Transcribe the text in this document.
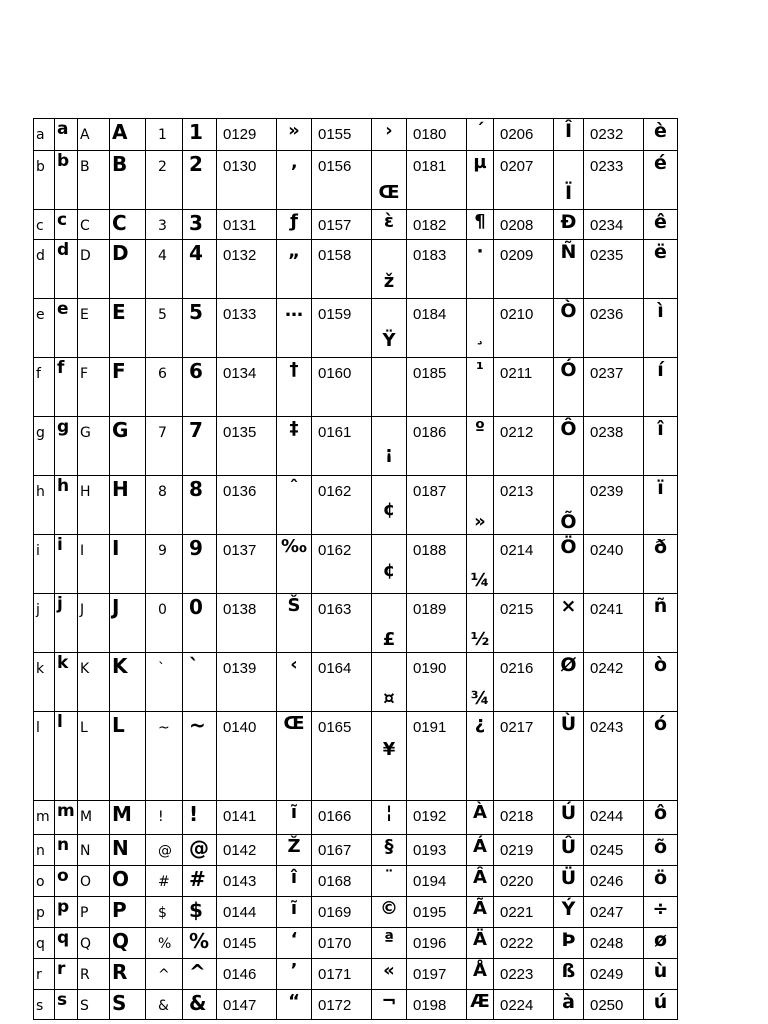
a	a	A	A	1	1	0129	»	0155	›	0180	´	0206	Î	0232	è
b	b	B	B	2	2	0130	‚	0156	Œ	0181	µ	0207	Ï	0233	é
c	c	C	C	3	3	0131	ƒ	0157	ὲ	0182	¶	0208	Ð	0234	ê
d	d	D	D	4	4	0132	„	0158	ž	0183	·	0209	Ñ	0235	ë
e	e	E	E	5	5	0133	…	0159	Ÿ	0184	¸	0210	Ò	0236	ì
f	f	F	F	6	6	0134	†	0160		0185	¹	0211	Ó	0237	í
g	g	G	G	7	7	0135	‡	0161	¡	0186	º	0212	Ô	0238	î
h	h	H	H	8	8	0136	ˆ	0162	¢	0187	»	0213	Õ	0239	ï
i	i	I	I	9	9	0137	‰	0162	¢	0188	¼	0214	Ö	0240	ð
j	j	J	J	0	0	0138	Š	0163	£	0189	½	0215	×	0241	ñ
k	k	K	K	`	`	0139	‹	0164	¤	0190	¾	0216	Ø	0242	ò
l	l	L	L	~	~	0140	Œ	0165	¥	0191	¿	0217	Ù	0243	ó
m	m	M	M	!	!	0141	ĩ	0166	¦	0192	À	0218	Ú	0244	ô
n	n	N	N	@	@	0142	Ž	0167	§	0193	Á	0219	Û	0245	õ
o	o	O	O	#	#	0143	î	0168	¨	0194	Â	0220	Ü	0246	ö
p	p	P	P	$	$	0144	ĩ	0169	©	0195	Ã	0221	Ý	0247	÷
q	q	Q	Q	%	%	0145	‘	0170	ª	0196	Ä	0222	Þ	0248	ø
r	r	R	R	^	^	0146	’	0171	«	0197	Å	0223	ß	0249	ù
s	s	S	S	&	&	0147	“	0172	¬	0198	Æ	0224	à	0250	ú
